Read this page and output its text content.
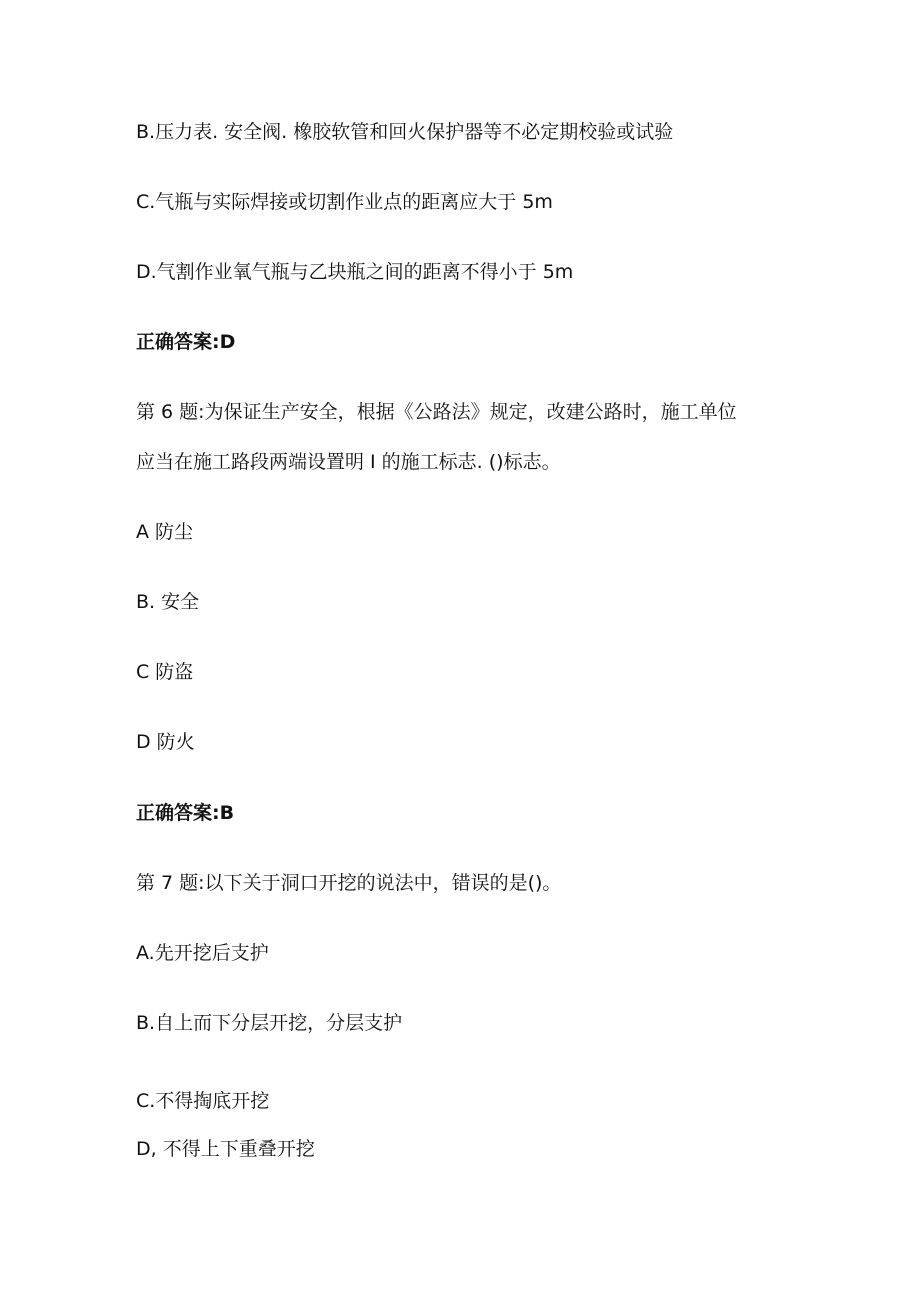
B.压力表. 安全阀. 橡胶软管和回火保护器等不必定期校验或试验
C.气瓶与实际焊接或切割作业点的距离应大于 5m
D.气割作业氧气瓶与乙块瓶之间的距离不得小于 5m
正确答案:D
第 6 题:为保证生产安全，根据《公路法》规定，改建公路时，施工单位
应当在施工路段两端设置明 I 的施工标志. ()标志。
A 防尘
B. 安全
C 防盗
D 防火
正确答案:B
第 7 题:以下关于洞口开挖的说法中，错误的是()。
A.先开挖后支护
B.自上而下分层开挖，分层支护
C.不得掏底开挖
D, 不得上下重叠开挖
